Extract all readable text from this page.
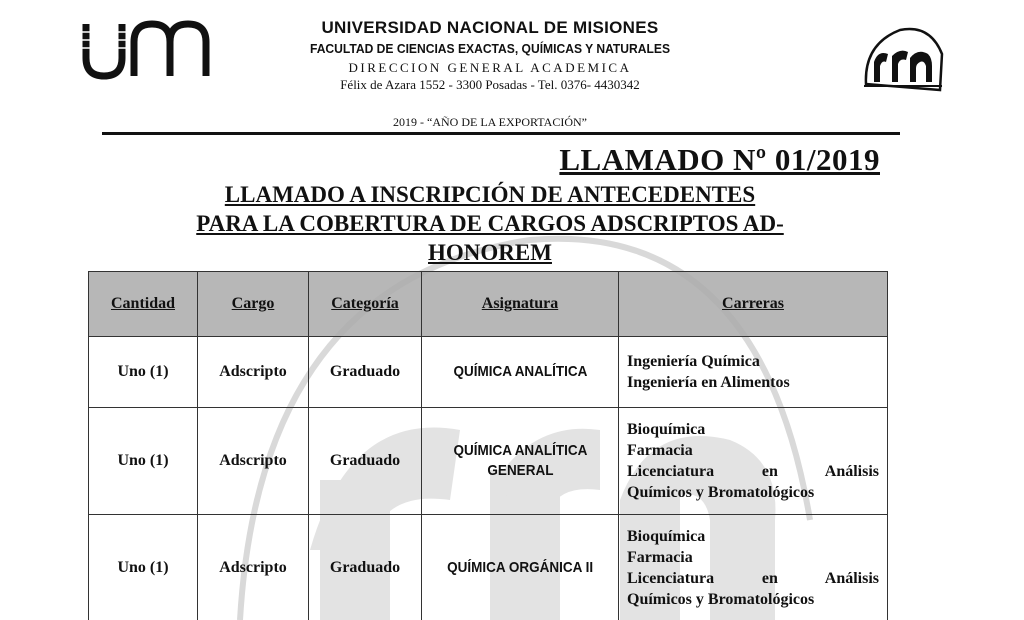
UNIVERSIDAD NACIONAL DE MISIONES
FACULTAD DE CIENCIAS EXACTAS, QUÍMICAS Y NATURALES
DIRECCION GENERAL ACADEMICA
Félix de Azara 1552 - 3300 Posadas - Tel. 0376- 4430342
2019 - “AÑO DE LA EXPORTACIÓN”
LLAMADO Nº 01/2019
LLAMADO A INSCRIPCIÓN DE ANTECEDENTES
PARA LA COBERTURA DE CARGOS ADSCRIPTOS AD-
HONOREM
Cantidad	Cargo	Categoría	Asignatura	Carreras
Uno (1)	Adscripto	Graduado	QUÍMICA ANALÍTICA	Ingeniería Química
Ingeniería en Alimentos

Uno (1)	Adscripto	Graduado	QUÍMICA ANALÍTICA
GENERAL	Bioquímica
Farmacia
Licenciatura en Análisis
Químicos y Bromatológicos

Uno (1)	Adscripto	Graduado	QUÍMICA ORGÁNICA II	Bioquímica
Farmacia
Licenciatura en Análisis
Químicos y Bromatológicos
